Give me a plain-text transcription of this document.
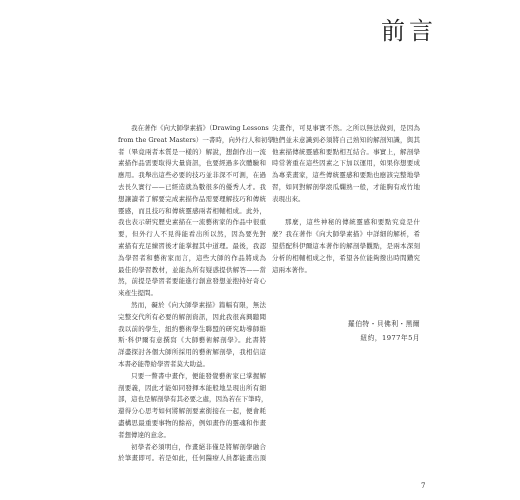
前言
我在著作《向大師學素描》（Drawing Lessons
from the Great Masters）一書時，向外行人和初學
者（畢竟兩者本質是一樣的）解說，想創作出一流
素描作品需要取得大量資訊，也要經過多次體驗和
應用。我舉出這些必要的技巧並非深不可測，在過
去長久實行——已經造就為數很多的優秀人才。我
想讓讀者了解要完成素描作品需要理解技巧和傳統
靈感，而且技巧和傳統靈感兩者相輔相成。此外，
我也表示研究歷史素描在一流藝術家的作品中很重
要，但外行人不見得能看出所以然，因為要先對
素描有充足練習後才能掌握其中道理。最後，我認
為學習者和藝術家而言，這些大師的作品將成為
最佳的學習教材，並能為所有疑惑提供解答——當
然，前提是學習者要能進行創意發想並抱持好奇心
來產生提問。
然而，礙於《向大師學素描》篇幅有限，無法
完整交代所有必要的解剖資訊，因此我很高興聽聞
我以前的學生，紐約藝術學生聯盟的研究助導師維
斯·科伊爾有意撰寫《大師藝術解剖學》。此書將
詳盡探討各個大師所採用的藝術解剖學，我相信這
本書必能帶給學習者莫大助益。
只要一瞥書中畫作，便能發覺藝術家已掌握解
剖要義，因此才能如同發揮本能般地呈現出所有細
部，這也是解剖學有其必要之處，因為若在下筆時，
還得分心思考如何將解剖要素銜接在一起，便會耗
盡構思最重要事物的餘裕，例如畫作的靈魂和作畫
者想傳達的意念。
初學者必須明白，作畫絕非僅是將解剖學融合
於筆畫即可。若是如此，任何醫療人員都能畫出頂
尖畫作，可見事實不然。之所以無法做到，是因為
他們並未意識到必須將自己熟知的解剖知識，與其
他素描傳統靈感和要點相互結合。事實上，解剖學
時常著重在這些因素之下加以運用，如果你想要成
為專業畫家，這些傳統靈感和要點也應該完整地學
習，如同對解剖學滾瓜爛熟一般，才能胸有成竹地
表現出來。
那麼，這些神秘的傳統靈感和要點究竟是什
麼？我在著作《向大師學素描》中詳細的解析，希
望搭配科伊爾這本著作的解剖學觀點，是兩本深刻
分析的相輔相成之作，希望各位能夠撥出時間鑽究
這兩本著作。
羅伯特・貝佛利・黑爾
紐約，1977年5月
7
